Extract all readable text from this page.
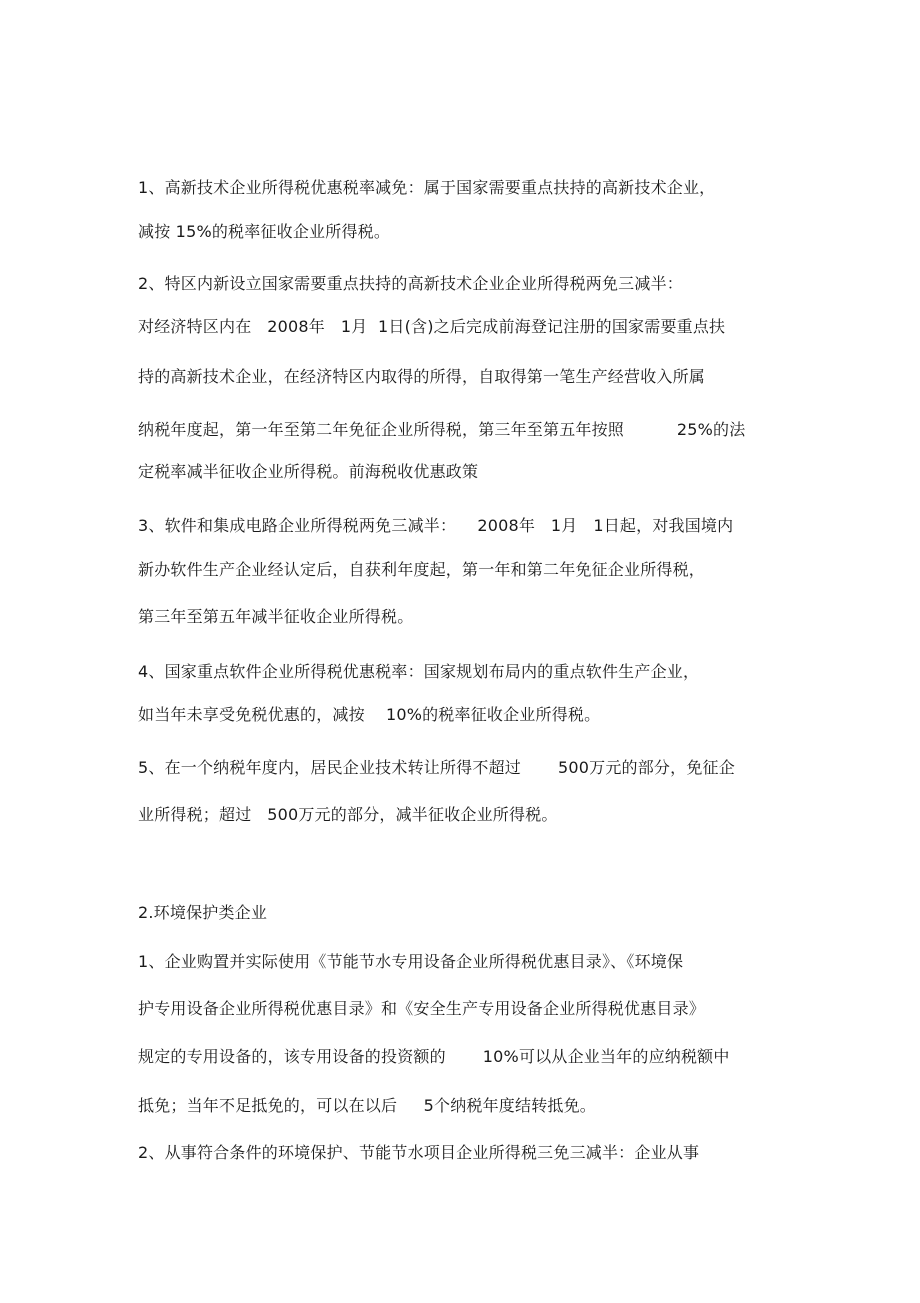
1、高新技术企业所得税优惠税率减免：属于国家需要重点扶持的高新技术企业，
减按 15%的税率征收企业所得税。
2、特区内新设立国家需要重点扶持的高新技术企业企业所得税两免三减半：
对经济特区内在   2008年   1月  1日(含)之后完成前海登记注册的国家需要重点扶
持的高新技术企业，在经济特区内取得的所得，自取得第一笔生产经营收入所属
纳税年度起，第一年至第二年免征企业所得税，第三年至第五年按照          25%的法
定税率减半征收企业所得税。前海税收优惠政策
3、软件和集成电路企业所得税两免三减半：    2008年   1月   1日起，对我国境内
新办软件生产企业经认定后，自获利年度起，第一年和第二年免征企业所得税，
第三年至第五年减半征收企业所得税。
4、国家重点软件企业所得税优惠税率：国家规划布局内的重点软件生产企业，
如当年未享受免税优惠的，减按    10%的税率征收企业所得税。
5、在一个纳税年度内，居民企业技术转让所得不超过       500万元的部分，免征企
业所得税；超过   500万元的部分，减半征收企业所得税。
2.环境保护类企业
1、企业购置并实际使用《节能节水专用设备企业所得税优惠目录》、《环境保
护专用设备企业所得税优惠目录》和《安全生产专用设备企业所得税优惠目录》
规定的专用设备的，该专用设备的投资额的       10%可以从企业当年的应纳税额中
抵免；当年不足抵免的，可以在以后     5个纳税年度结转抵免。
2、从事符合条件的环境保护、节能节水项目企业所得税三免三减半：企业从事
